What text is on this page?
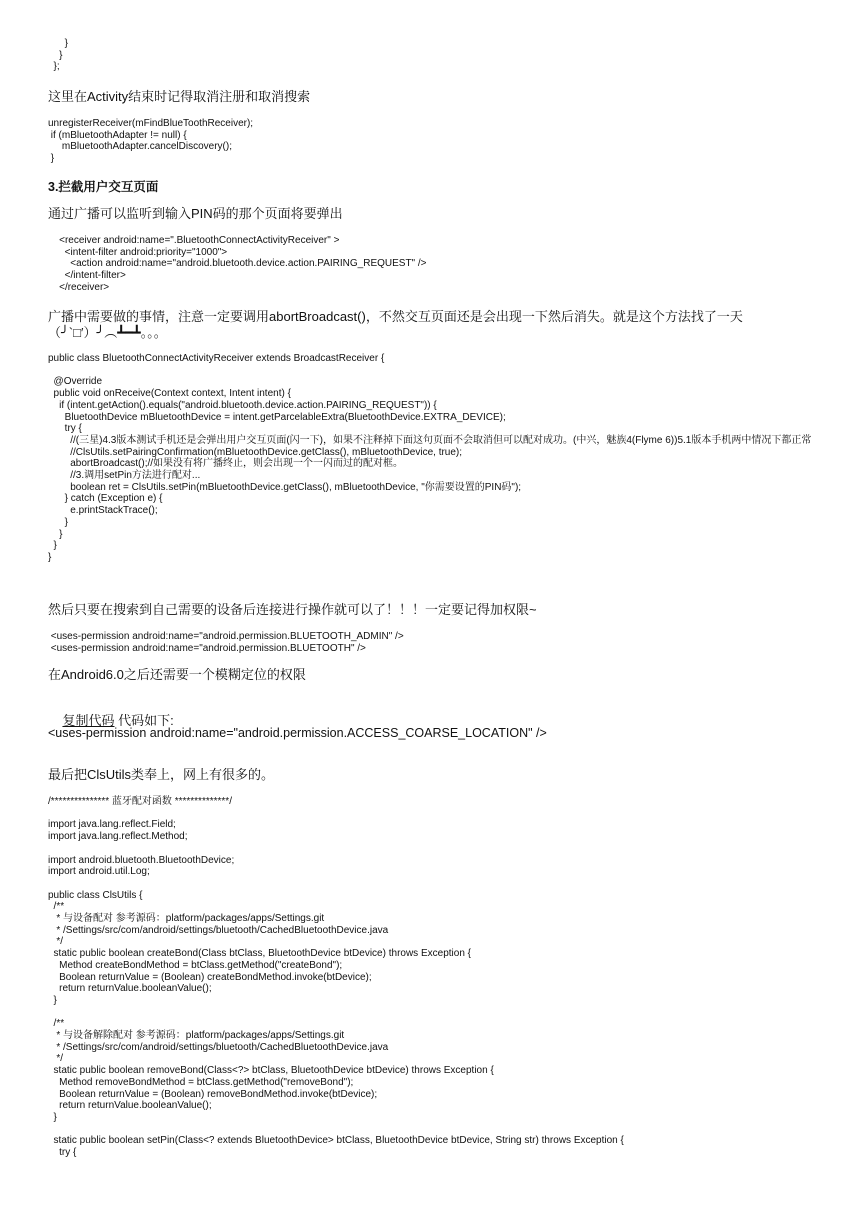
}
}
};
这里在Activity结束时记得取消注册和取消搜索
unregisterReceiver(mFindBlueToothReceiver);
if (mBluetoothAdapter != null) {
mBluetoothAdapter.cancelDiscovery();
}
3.拦截用户交互页面
通过广播可以监听到输入PIN码的那个页面将要弹出
<receiver android:name=".BluetoothConnectActivityReceiver" >
<intent-filter android:priority="1000">
<action android:name="android.bluetooth.device.action.PAIRING_REQUEST" />
</intent-filter>
</receiver>
广播中需要做的事情，注意一定要调用abortBroadcast()，不然交互页面还是会出现一下然后消失。就是这个方法找了一天
（╯`□′）╯︵┻━┻。。。
public class BluetoothConnectActivityReceiver extends BroadcastReceiver {

@Override
public void onReceive(Context context, Intent intent) {
if (intent.getAction().equals("android.bluetooth.device.action.PAIRING_REQUEST")) {
BluetoothDevice mBluetoothDevice = intent.getParcelableExtra(BluetoothDevice.EXTRA_DEVICE);
try {
//(三星)4.3版本测试手机还是会弹出用户交互页面(闪一下)，如果不注释掉下面这句页面不会取消但可以配对成功。(中兴，魅族4(Flyme 6))5.1版本手机两中情况下都正常
//ClsUtils.setPairingConfirmation(mBluetoothDevice.getClass(), mBluetoothDevice, true);
abortBroadcast();//如果没有将广播终止，则会出现一个一闪而过的配对框。
//3.调用setPin方法进行配对...
boolean ret = ClsUtils.setPin(mBluetoothDevice.getClass(), mBluetoothDevice, "你需要设置的PIN码");
} catch (Exception e) {
e.printStackTrace();
}
}
}
}
然后只要在搜索到自己需要的设备后连接进行操作就可以了！！！一定要记得加权限~
<uses-permission android:name="android.permission.BLUETOOTH_ADMIN" />
<uses-permission android:name="android.permission.BLUETOOTH" />
在Android6.0之后还需要一个模糊定位的权限

复制代码 代码如下:

<uses-permission android:name="android.permission.ACCESS_COARSE_LOCATION" />
最后把ClsUtils类奉上，网上有很多的。
/*************** 蓝牙配对函数 **************/

import java.lang.reflect.Field;
import java.lang.reflect.Method;

import android.bluetooth.BluetoothDevice;
import android.util.Log;

public class ClsUtils {
/**
* 与设备配对 参考源码：platform/packages/apps/Settings.git
* /Settings/src/com/android/settings/bluetooth/CachedBluetoothDevice.java
*/
static public boolean createBond(Class btClass, BluetoothDevice btDevice) throws Exception {
Method createBondMethod = btClass.getMethod("createBond");
Boolean returnValue = (Boolean) createBondMethod.invoke(btDevice);
return returnValue.booleanValue();
}

/**
* 与设备解除配对 参考源码：platform/packages/apps/Settings.git
* /Settings/src/com/android/settings/bluetooth/CachedBluetoothDevice.java
*/
static public boolean removeBond(Class<?> btClass, BluetoothDevice btDevice) throws Exception {
Method removeBondMethod = btClass.getMethod("removeBond");
Boolean returnValue = (Boolean) removeBondMethod.invoke(btDevice);
return returnValue.booleanValue();
}

static public boolean setPin(Class<? extends BluetoothDevice> btClass, BluetoothDevice btDevice, String str) throws Exception {
try {
